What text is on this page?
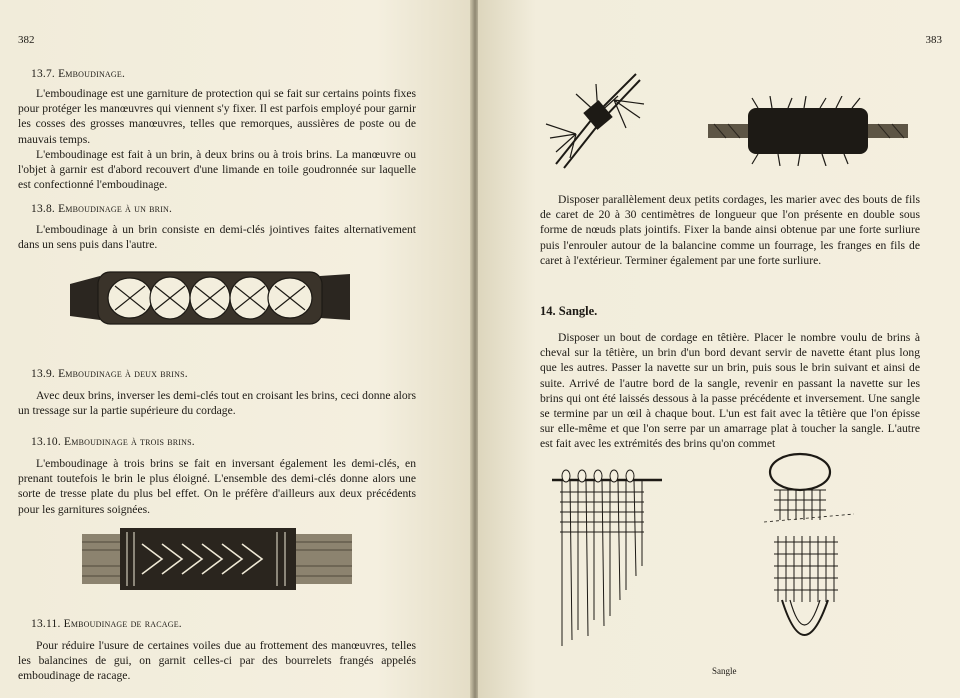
382
13.7. Emboudinage.

L'emboudinage est une garniture de protection qui se fait sur certains points fixes pour protéger les manœuvres qui viennent s'y fixer. Il est parfois employé pour garnir les cosses des grosses manœuvres, telles que remorques, aussières de poste ou de mauvais temps.

L'emboudinage est fait à un brin, à deux brins ou à trois brins. La manœuvre ou l'objet à garnir est d'abord recouvert d'une limande en toile goudronnée sur laquelle est confectionné l'emboudinage.

13.8. Emboudinage à un brin.

L'emboudinage à un brin consiste en demi-clés jointives faites alternativement dans un sens puis dans l'autre.

13.9. Emboudinage à deux brins.

Avec deux brins, inverser les demi-clés tout en croisant les brins, ceci donne alors un tressage sur la partie supérieure du cordage.

13.10. Emboudinage à trois brins.

L'emboudinage à trois brins se fait en inversant également les demi-clés, en prenant toutefois le brin le plus éloigné. L'ensemble des demi-clés donne alors une sorte de tresse plate du plus bel effet. On le préfère d'ailleurs aux deux précédents pour les garnitures soignées.

13.11. Emboudinage de racage.

Pour réduire l'usure de certaines voiles due au frottement des manœuvres, telles les balancines de gui, on garnit celles-ci par des bourrelets frangés appelés emboudinage de racage.

383

Disposer parallèlement deux petits cordages, les marier avec des bouts de fils de caret de 20 à 30 centimètres de longueur que l'on présente en double sous forme de nœuds plats jointifs. Fixer la bande ainsi obtenue par une forte surliure puis l'enrouler autour de la balancine comme un fourrage, les franges en fils de caret à l'extérieur. Terminer également par une forte surliure.

14. Sangle.

Disposer un bout de cordage en têtière. Placer le nombre voulu de brins à cheval sur la têtière, un brin d'un bord devant servir de navette étant plus long que les autres. Passer la navette sur un brin, puis sous le brin suivant et ainsi de suite. Arrivé de l'autre bord de la sangle, revenir en passant la navette sur les brins qui ont été laissés dessous à la passe précédente et inversement. Une sangle se termine par un œil à chaque bout. L'un est fait avec la têtière que l'on épisse sur elle-même et que l'on serre par un amarrage plat à toucher la sangle. L'autre est fait avec les extrémités des brins qu'on commet

Sangle
